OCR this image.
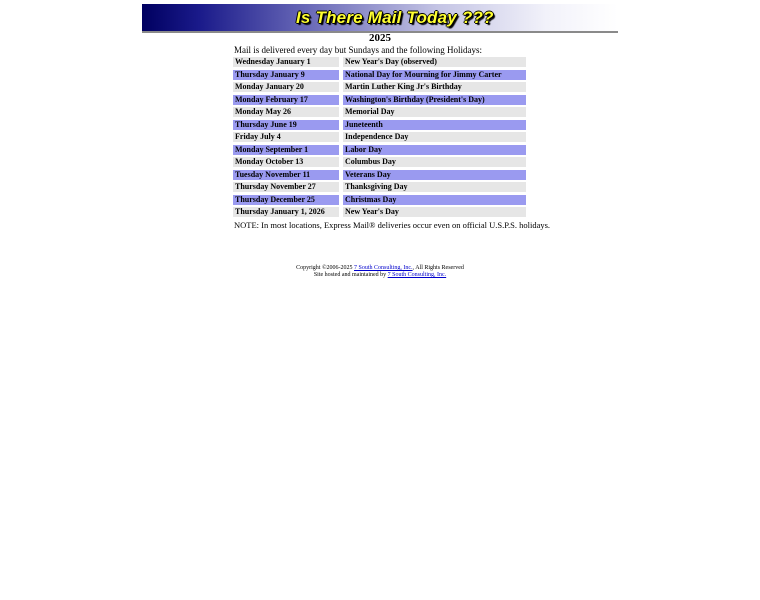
Is There Mail Today ???
2025
Mail is delivered every day but Sundays and the following Holidays:
Wednesday January 1	New Year's Day (observed)
Thursday January 9	National Day for Mourning for Jimmy Carter
Monday January 20	Martin Luther King Jr's Birthday
Monday February 17	Washington's Birthday (President's Day)
Monday May 26	Memorial Day
Thursday June 19	Juneteenth
Friday July 4	Independence Day
Monday September 1	Labor Day
Monday October 13	Columbus Day
Tuesday November 11	Veterans Day
Thursday November 27	Thanksgiving Day
Thursday December 25	Christmas Day
Thursday January 1, 2026	New Year's Day
NOTE: In most locations, Express Mail® deliveries occur even on official U.S.P.S. holidays.
Copyright ©2006-2025 7 South Consulting, Inc., All Rights Reserved
Site hosted and maintained by 7 South Consulting, Inc.
